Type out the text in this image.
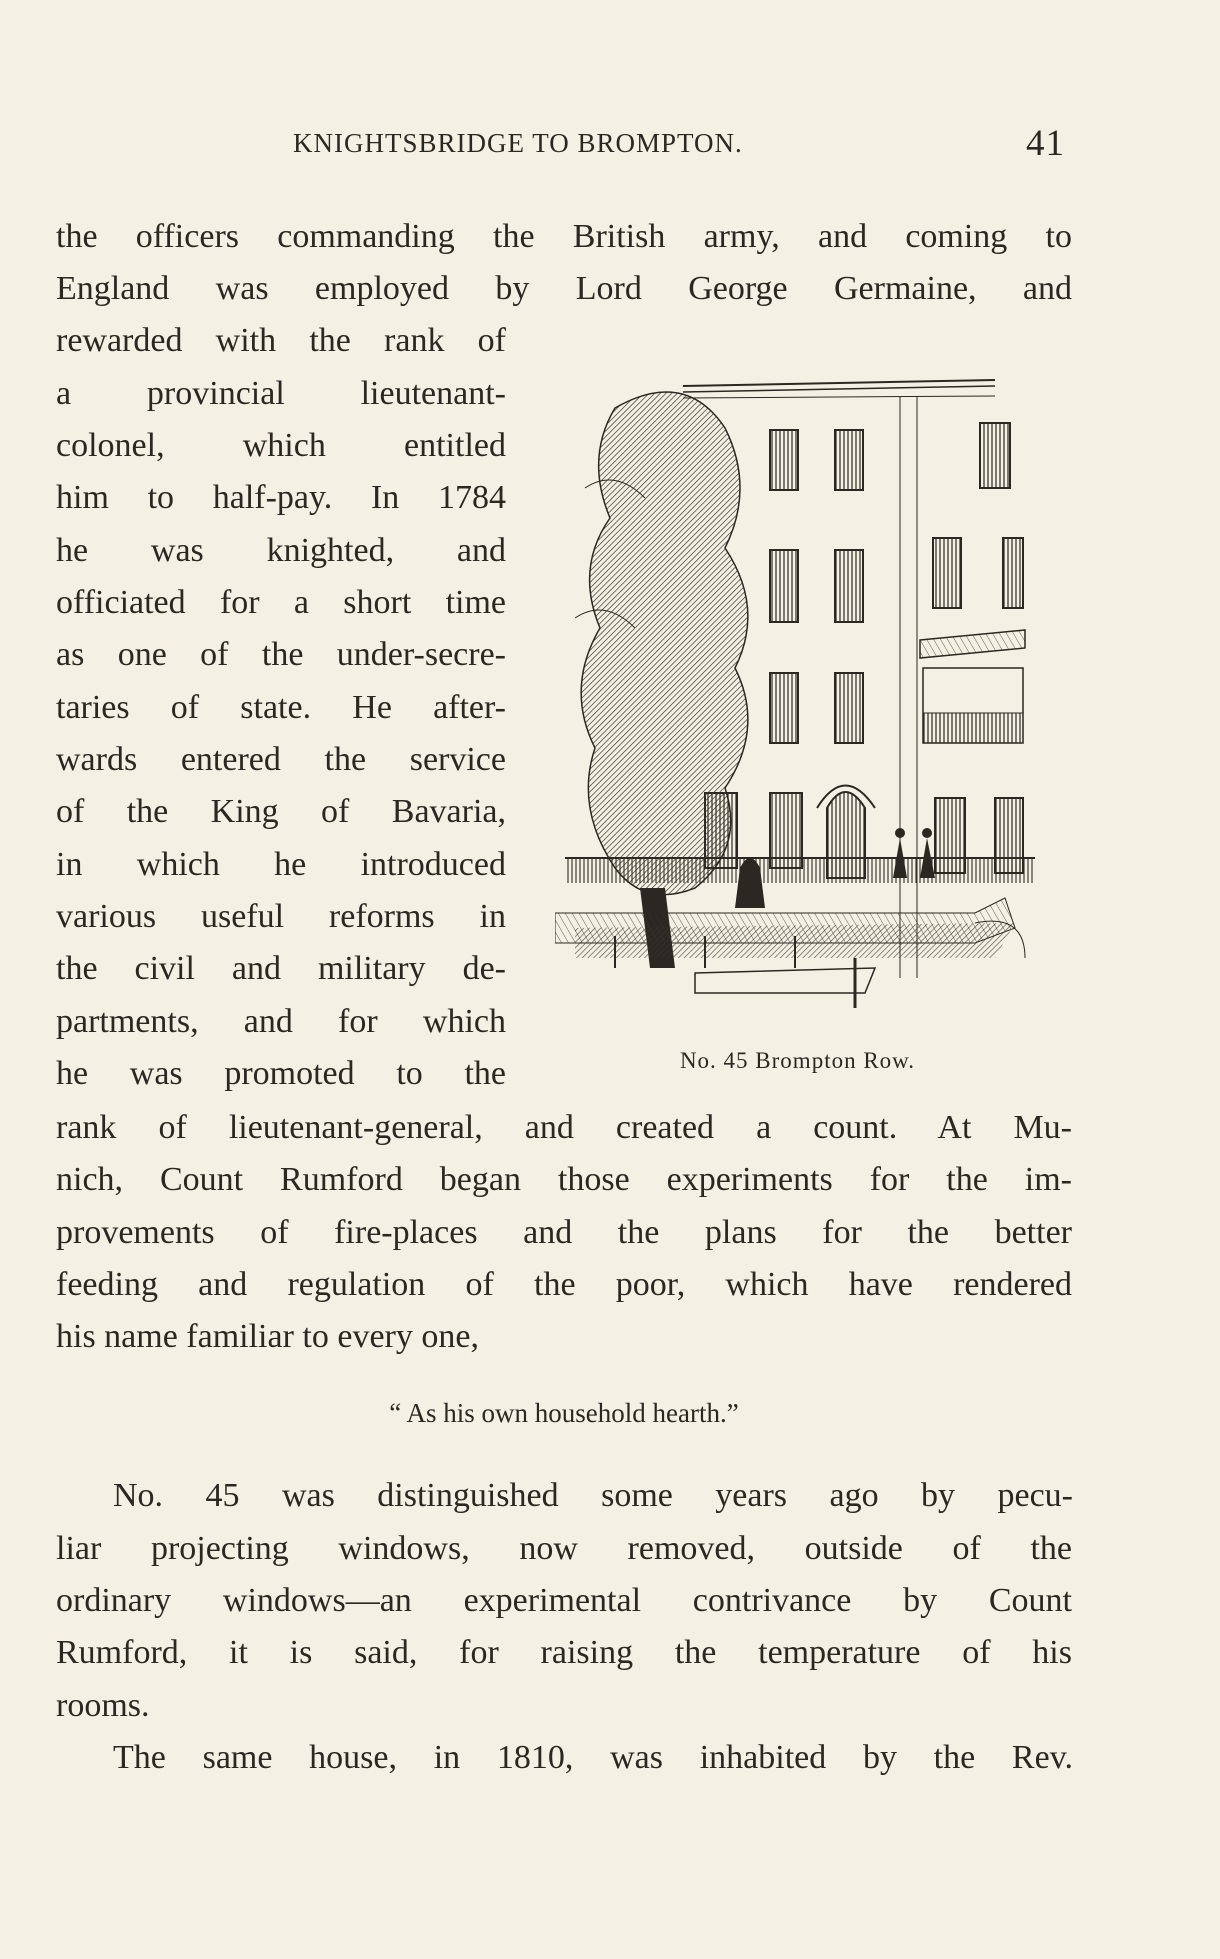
KNIGHTSBRIDGE TO BROMPTON.	41
the officers commanding the British army, and coming to
England was employed by Lord George Germaine, and
rewarded with the rank of
a provincial lieutenant-
colonel, which entitled
him to half-pay. In 1784
he was knighted, and
officiated for a short time
as one of the under-secre-
taries of state. He after-
wards entered the service
of the King of Bavaria,
in which he introduced
various useful reforms in
the civil and military de-
partments, and for which
he was promoted to the	No. 45 Brompton Row.
rank of lieutenant-general, and created a count. At Mu-
nich, Count Rumford began those experiments for the im-
provements of fire-places and the plans for the better
feeding and regulation of the poor, which have rendered
his name familiar to every one,
“ As his own household hearth.”
No. 45 was distinguished some years ago by pecu-
liar projecting windows, now removed, outside of the
ordinary windows—an experimental contrivance by Count
Rumford, it is said, for raising the temperature of his
rooms.
The same house, in 1810, was inhabited by the Rev.
